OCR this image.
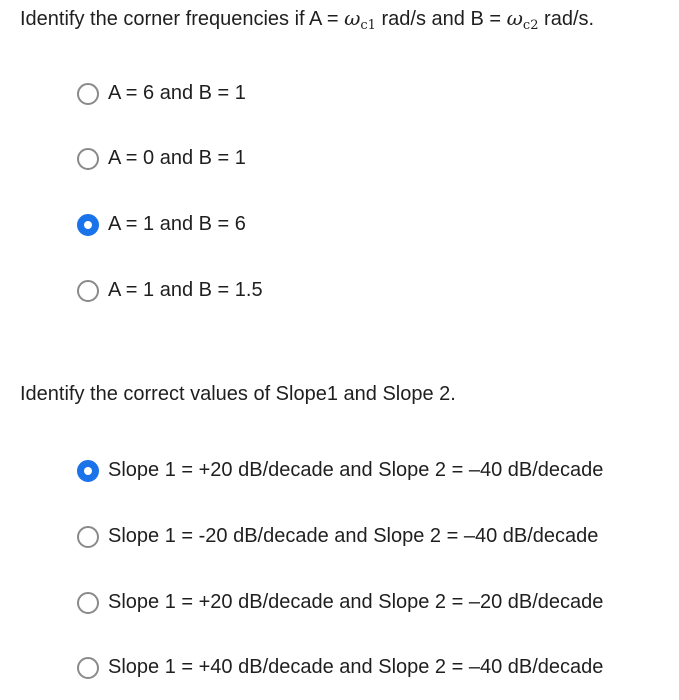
Identify the corner frequencies if $A = \omega_{c1}$ rad/s and $B = \omega_{c2}$ rad/s.
A = 6 and B = 1
A = 0 and B = 1
A = 1 and B = 6
A = 1 and B = 1.5
Identify the correct values of Slope1 and Slope 2.
Slope 1 = +20 dB/decade and Slope 2 = –40 dB/decade
Slope 1 = -20 dB/decade and Slope 2 = –40 dB/decade
Slope 1 = +20 dB/decade and Slope 2 = –20 dB/decade
Slope 1 = +40 dB/decade and Slope 2 = –40 dB/decade
